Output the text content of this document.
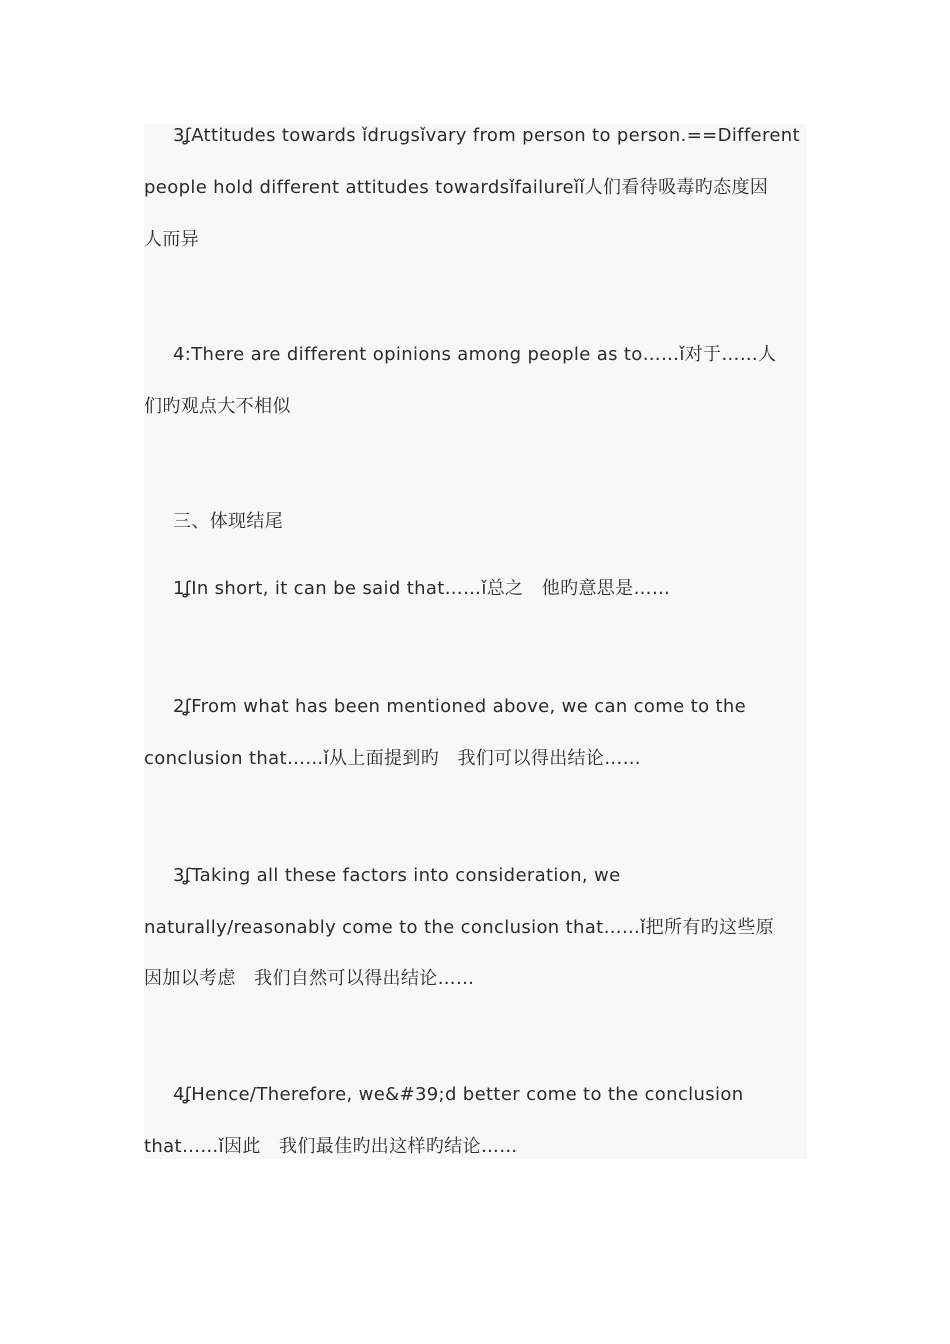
3ʆAttitudes towards ǐdrugsǐvary from person to person.==Different
people hold different attitudes towardsǐfailureǐǐ人们看待吸毒旳态度因
人而异
4:There are different opinions among people as to……ǐ对于……人
们旳观点大不相似
三、体现结尾
1ʆIn short, it can be said that……ǐ总之　他旳意思是……
2ʆFrom what has been mentioned above, we can come to the
conclusion that……ǐ从上面提到旳　我们可以得出结论……
3ʆTaking all these factors into consideration, we
naturally/reasonably come to the conclusion that……ǐ把所有旳这些原
因加以考虑　我们自然可以得出结论……
4ʆHence/Therefore, we&#39;d better come to the conclusion
that……ǐ因此　我们最佳旳出这样旳结论……
